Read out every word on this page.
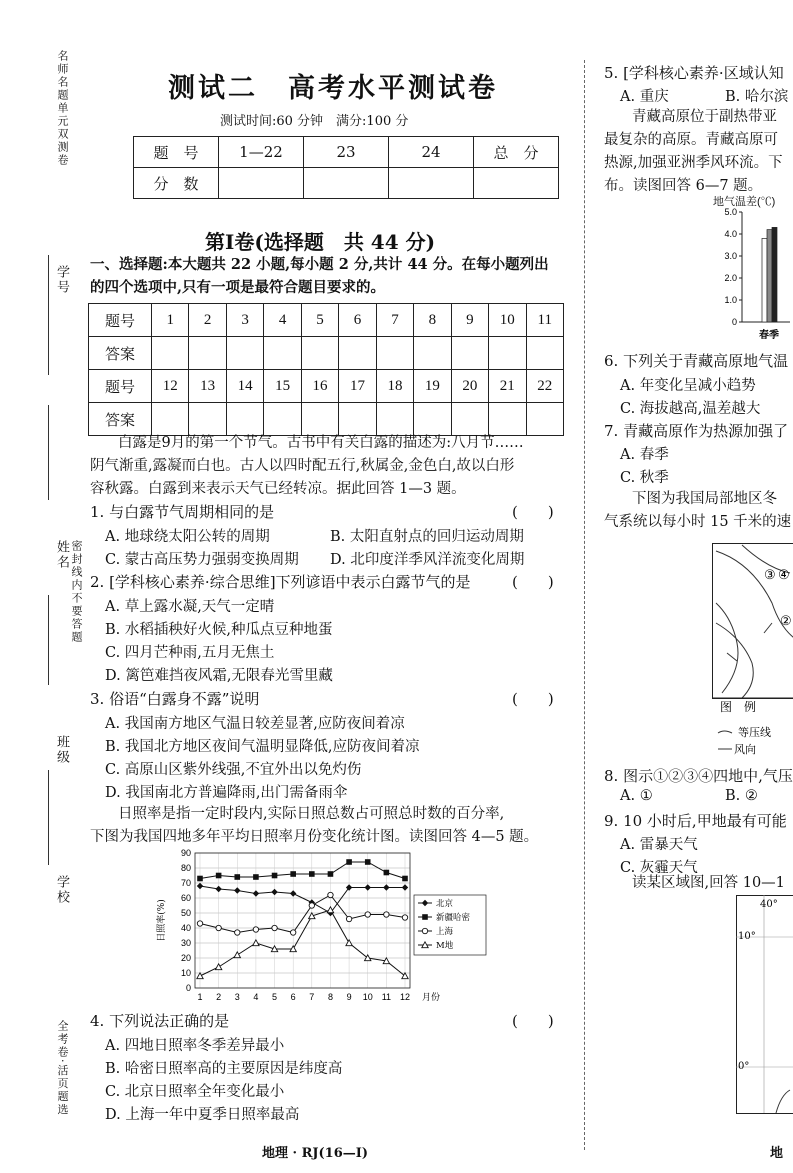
名师名题单元双测卷
学号
姓名 密封线内不要答题
班级
学校
全考卷·活页题选
测试二　高考水平测试卷
测试时间:60 分钟　满分:100 分
题　号	1—22	23	24	总　分
分　数				
第Ⅰ卷(选择题　共 44 分)
一、选择题:本大题共 22 小题,每小题 2 分,共计 44 分。在每小题列出
的四个选项中,只有一项是最符合题目要求的。
题号	1	2	3	4	5	6	7	8	9	10	11
答案											
题号	12	13	14	15	16	17	18	19	20	21	22
答案											
白露是9月的第一个节气。古书中有关白露的描述为:八月节……
阴气渐重,露凝而白也。古人以四时配五行,秋属金,金色白,故以白形
容秋露。白露到来表示天气已经转凉。据此回答 1—3 题。
1. 与白露节气周期相同的是	(　　)
A. 地球绕太阳公转的周期	B. 太阳直射点的回归运动周期
C. 蒙古高压势力强弱变换周期 D. 北印度洋季风洋流变化周期
2. [学科核心素养·综合思维]下列谚语中表示白露节气的是	(　　)
A. 草上露水凝,天气一定晴
B. 水稻插秧好火候,种瓜点豆种地蛋
C. 四月芒种雨,五月无焦土
D. 篱笆难挡夜风霜,无限春光雪里藏
3. 俗语“白露身不露”说明	(　　)
A. 我国南方地区气温日较差显著,应防夜间着凉
B. 我国北方地区夜间气温明显降低,应防夜间着凉
C. 高原山区紫外线强,不宜外出以免灼伤
D. 我国南北方普遍降雨,出门需备雨伞
日照率是指一定时段内,实际日照总数占可照总时数的百分率,
下图为我国四地多年平均日照率月份变化统计图。读图回答 4—5 题。
0
10
20
30
40
50
60
70
80
90
1 2 3 4 5 6 7 8 9 10 11 12
日照率(%)
月份
北京
新疆哈密
上海
M地
4. 下列说法正确的是	(　　)
A. 四地日照率冬季差异最小
B. 哈密日照率高的主要原因是纬度高
C. 北京日照率全年变化最小
D. 上海一年中夏季日照率最高
地理 · RJ(16—Ⅰ)	地
5. [学科核心素养·区域认知
A. 重庆	B. 哈尔滨
青藏高原位于副热带亚
最复杂的高原。青藏高原可
热源,加强亚洲季风环流。下
布。读图回答 6—7 题。
地气温差(℃)
5.0
4.0
3.0
2.0
1.0
0
春季
6. 下列关于青藏高原地气温
A. 年变化呈减小趋势
C. 海拔越高,温差越大
7. 青藏高原作为热源加强了
A. 春季
C. 秋季
下图为我国局部地区冬
气系统以每小时 15 千米的速
③ ④
②
图　例
等压线
风向
8. 图示①②③④四地中,气压
A. ①	B. ②
9. 10 小时后,甲地最有可能
A. 雷暴天气
C. 灰霾天气
读某区域图,回答 10—1
40°
10°
0°
